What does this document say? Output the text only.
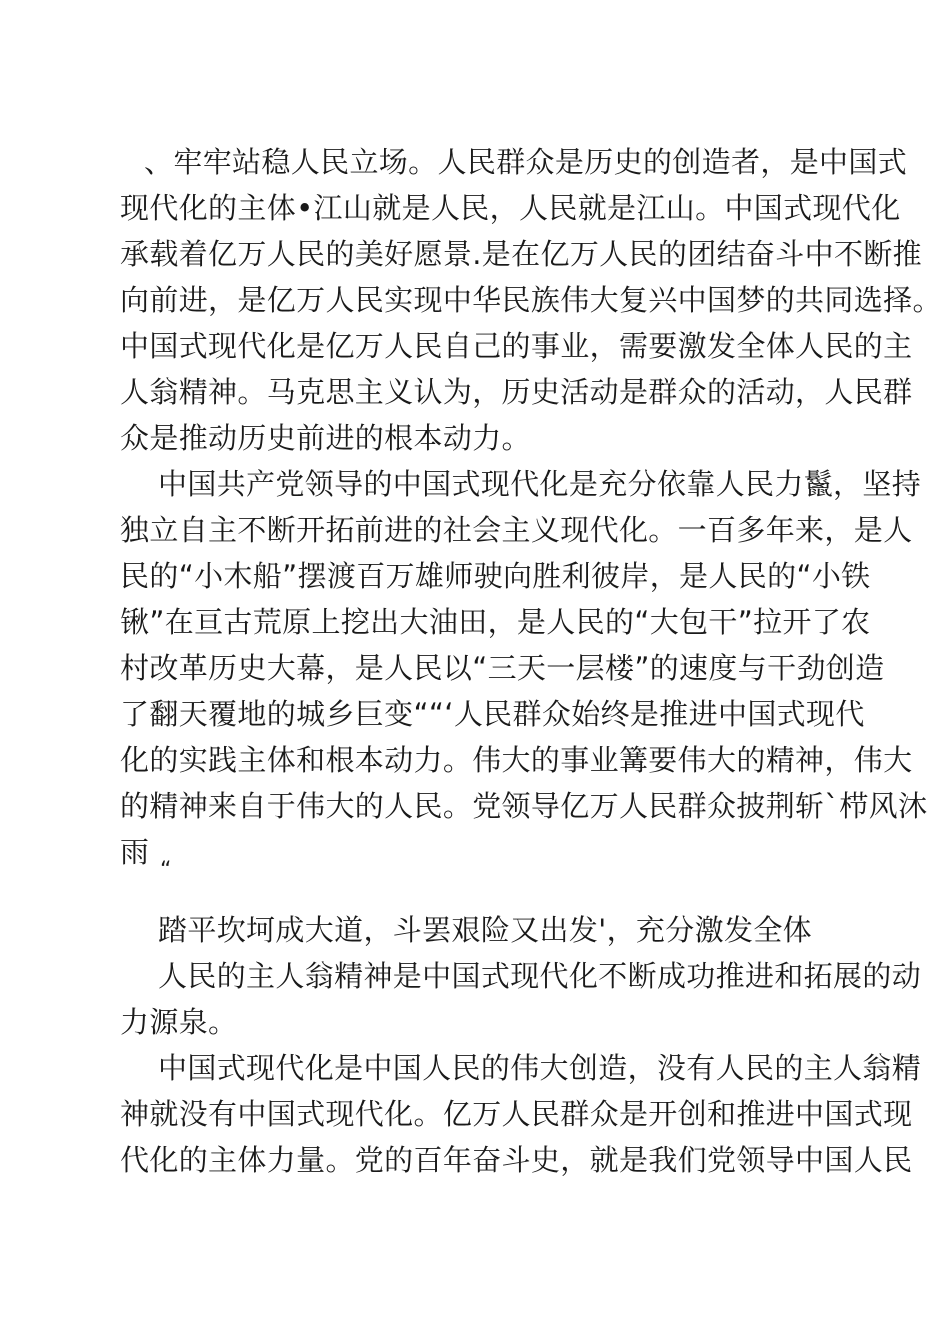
、牢牢站稳人民立场。人民群众是历史的创造者，是中国式
现代化的主体•江山就是人民，人民就是江山。中国式现代化
承载着亿万人民的美好愿景.是在亿万人民的团结奋斗中不断推
向前进，是亿万人民实现中华民族伟大复兴中国梦的共同选择。
中国式现代化是亿万人民自己的事业，需要激发全体人民的主
人翁精神。马克思主义认为，历史活动是群众的活动，人民群
众是推动历史前进的根本动力。
中国共产党领导的中国式现代化是充分依靠人民力鬣，坚持
独立自主不断开拓前进的社会主义现代化。一百多年来，是人
民的“小木船”摆渡百万雄师驶向胜利彼岸，是人民的“小铁
锹”在亘古荒原上挖出大油田，是人民的“大包干”拉开了农
村改革历史大幕，是人民以“三天一层楼”的速度与干劲创造
了翻天覆地的城乡巨变““‘人民群众始终是推进中国式现代
化的实践主体和根本动力。伟大的事业篝要伟大的精神，伟大
的精神来自于伟大的人民。党领导亿万人民群众披荆斩`栉风沐
雨
“
踏平坎坷成大道，斗罢艰险又出发'，充分激发全体
人民的主人翁精神是中国式现代化不断成功推进和拓展的动
力源泉。
中国式现代化是中国人民的伟大创造，没有人民的主人翁精
神就没有中国式现代化。亿万人民群众是开创和推进中国式现
代化的主体力量。党的百年奋斗史，就是我们党领导中国人民
